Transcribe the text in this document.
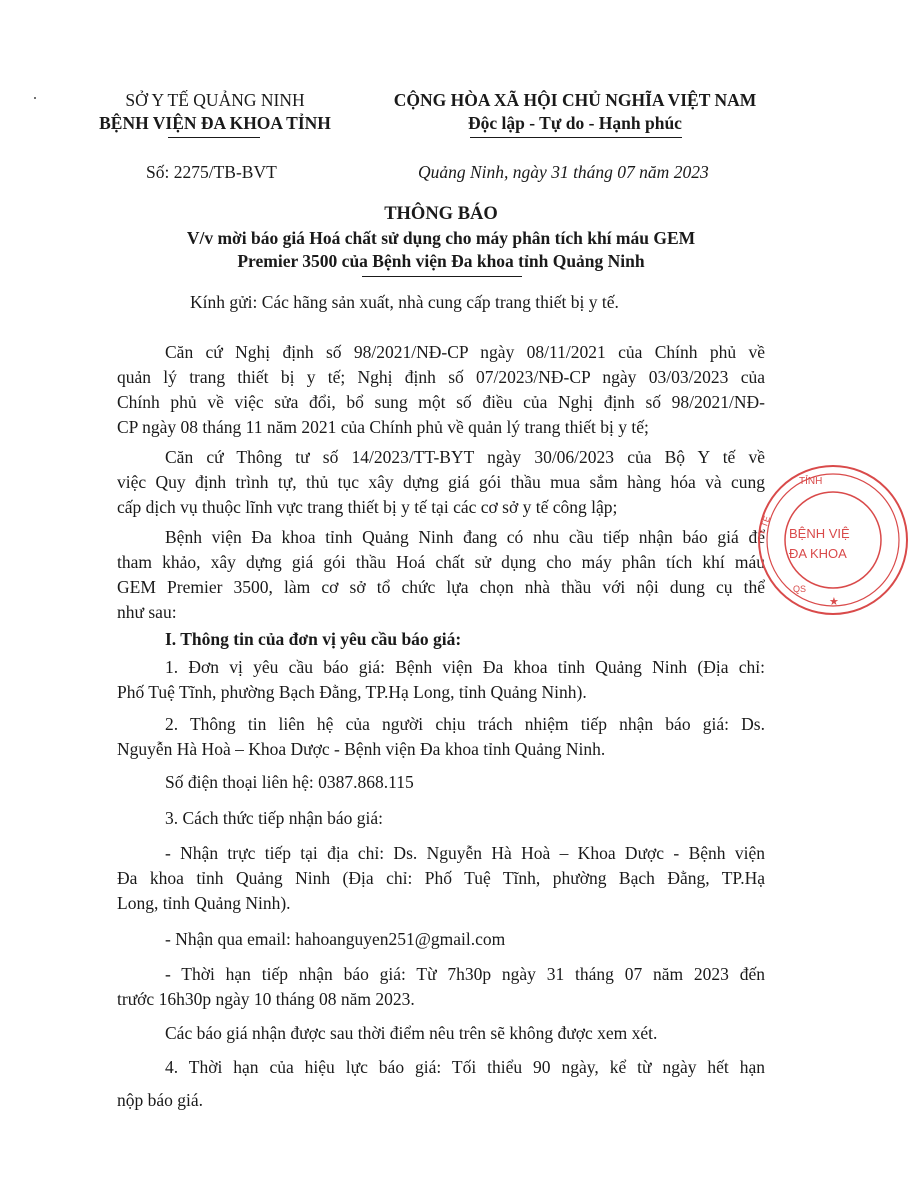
SỞ Y TẾ QUẢNG NINH
BỆNH VIỆN ĐA KHOA TỈNH
CỘNG HÒA XÃ HỘI CHỦ NGHĨA VIỆT NAM
Độc lập - Tự do - Hạnh phúc
Số: 2275/TB-BVT	Quảng Ninh, ngày 31 tháng 07 năm 2023
THÔNG BÁO
V/v mời báo giá Hoá chất sử dụng cho máy phân tích khí máu GEM
Premier 3500 của Bệnh viện Đa khoa tỉnh Quảng Ninh
Kính gửi: Các hãng sản xuất, nhà cung cấp trang thiết bị y tế.
Căn cứ Nghị định số 98/2021/NĐ-CP ngày 08/11/2021 của Chính phủ về
quản lý trang thiết bị y tế; Nghị định số 07/2023/NĐ-CP ngày 03/03/2023 của
Chính phủ về việc sửa đổi, bổ sung một số điều của Nghị định số 98/2021/NĐ-
CP ngày 08 tháng 11 năm 2021 của Chính phủ về quản lý trang thiết bị y tế;
Căn cứ Thông tư số 14/2023/TT-BYT ngày 30/06/2023 của Bộ Y tế về
việc Quy định trình tự, thủ tục xây dựng giá gói thầu mua sắm hàng hóa và cung
cấp dịch vụ thuộc lĩnh vực trang thiết bị y tế tại các cơ sở y tế công lập;
Bệnh viện Đa khoa tỉnh Quảng Ninh đang có nhu cầu tiếp nhận báo giá để
tham khảo, xây dựng giá gói thầu Hoá chất sử dụng cho máy phân tích khí máu
GEM Premier 3500, làm cơ sở tổ chức lựa chọn nhà thầu với nội dung cụ thể
như sau:
I. Thông tin của đơn vị yêu cầu báo giá:
1. Đơn vị yêu cầu báo giá: Bệnh viện Đa khoa tỉnh Quảng Ninh (Địa chỉ:
Phố Tuệ Tĩnh, phường Bạch Đằng, TP.Hạ Long, tỉnh Quảng Ninh).
2. Thông tin liên hệ của người chịu trách nhiệm tiếp nhận báo giá: Ds.
Nguyễn Hà Hoà – Khoa Dược - Bệnh viện Đa khoa tỉnh Quảng Ninh.
Số điện thoại liên hệ: 0387.868.115
3. Cách thức tiếp nhận báo giá:
- Nhận trực tiếp tại địa chỉ: Ds. Nguyễn Hà Hoà – Khoa Dược - Bệnh viện
Đa khoa tỉnh Quảng Ninh (Địa chỉ: Phố Tuệ Tĩnh, phường Bạch Đằng, TP.Hạ
Long, tỉnh Quảng Ninh).
- Nhận qua email: hahoanguyen251@gmail.com
- Thời hạn tiếp nhận báo giá: Từ 7h30p ngày 31 tháng 07 năm 2023 đến
trước 16h30p ngày 10 tháng 08 năm 2023.
Các báo giá nhận được sau thời điểm nêu trên sẽ không được xem xét.
4. Thời hạn của hiệu lực báo giá: Tối thiểu 90 ngày, kể từ ngày hết hạn
nộp báo giá.
TỈNH
Y TẾ
QS
★
BỆNH VIỆ
ĐA KHOA
